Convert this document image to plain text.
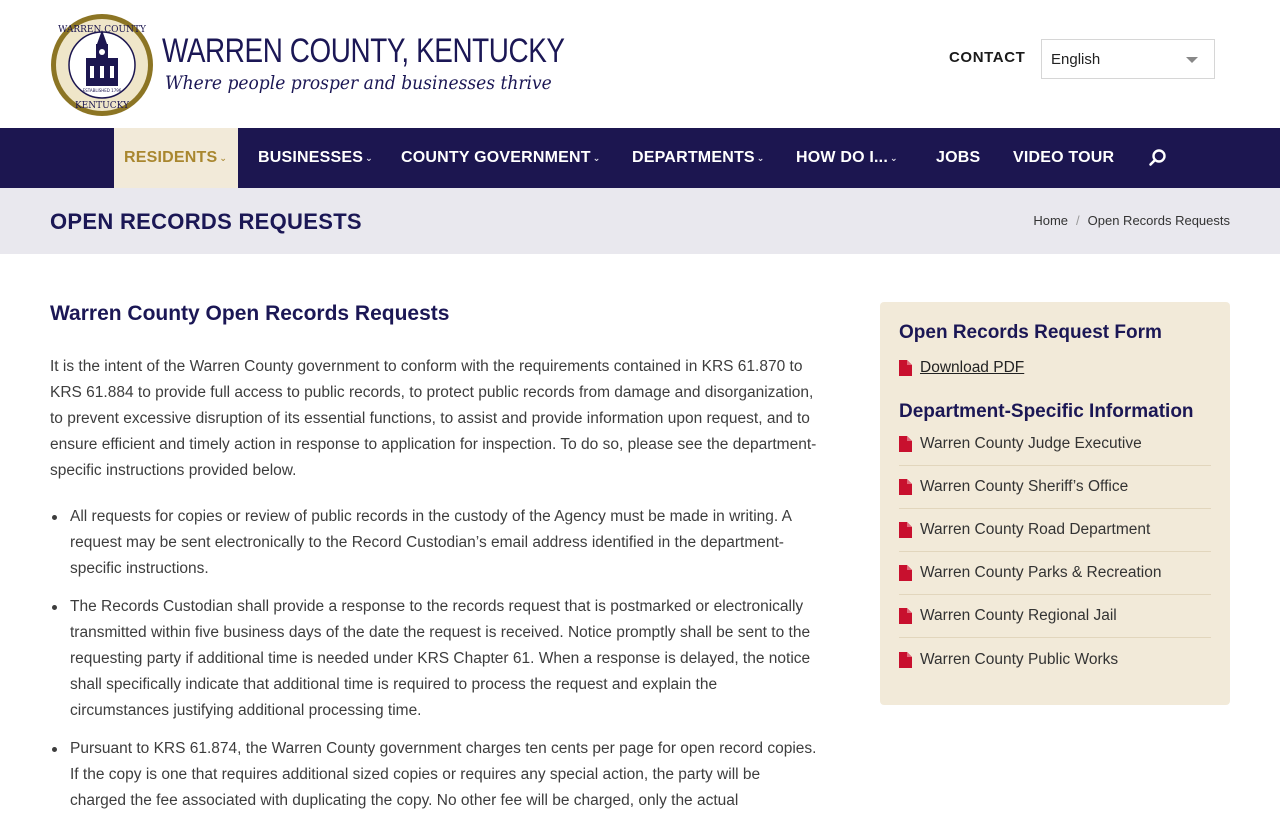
WARREN COUNTY
KENTUCKY
ESTABLISHED 1796
WARREN COUNTY, KENTUCKY
Where people prosper and businesses thrive
CONTACT English
RESIDENTS ⌄ BUSINESSES ⌄ COUNTY GOVERNMENT ⌄ DEPARTMENTS ⌄ HOW DO I... ⌄ JOBS VIDEO TOUR
OPEN RECORDS REQUESTS	Home / Open Records Requests
Warren County Open Records Requests

It is the intent of the Warren County government to conform with the requirements contained in KRS 61.870 to KRS 61.884 to provide full access to public records, to protect public records from damage and disorganization, to prevent excessive disruption of its essential functions, to assist and provide information upon request, and to ensure efficient and timely action in response to application for inspection. To do so, please see the department-specific instructions provided below.

All requests for copies or review of public records in the custody of the Agency must be made in writing. A request may be sent electronically to the Record Custodian’s email address identified in the department-specific instructions.
The Records Custodian shall provide a response to the records request that is postmarked or electronically transmitted within five business days of the date the request is received. Notice promptly shall be sent to the requesting party if additional time is needed under KRS Chapter 61. When a response is delayed, the notice shall specifically indicate that additional time is required to process the request and explain the circumstances justifying additional processing time.
Pursuant to KRS 61.874, the Warren County government charges ten cents per page for open record copies. If the copy is one that requires additional sized copies or requires any special action, the party will be charged the fee associated with duplicating the copy. No other fee will be charged, only the actual
Open Records Request Form
Download PDF
Department-Specific Information
Warren County Judge Executive
Warren County Sheriff’s Office
Warren County Road Department
Warren County Parks & Recreation
Warren County Regional Jail
Warren County Public Works
